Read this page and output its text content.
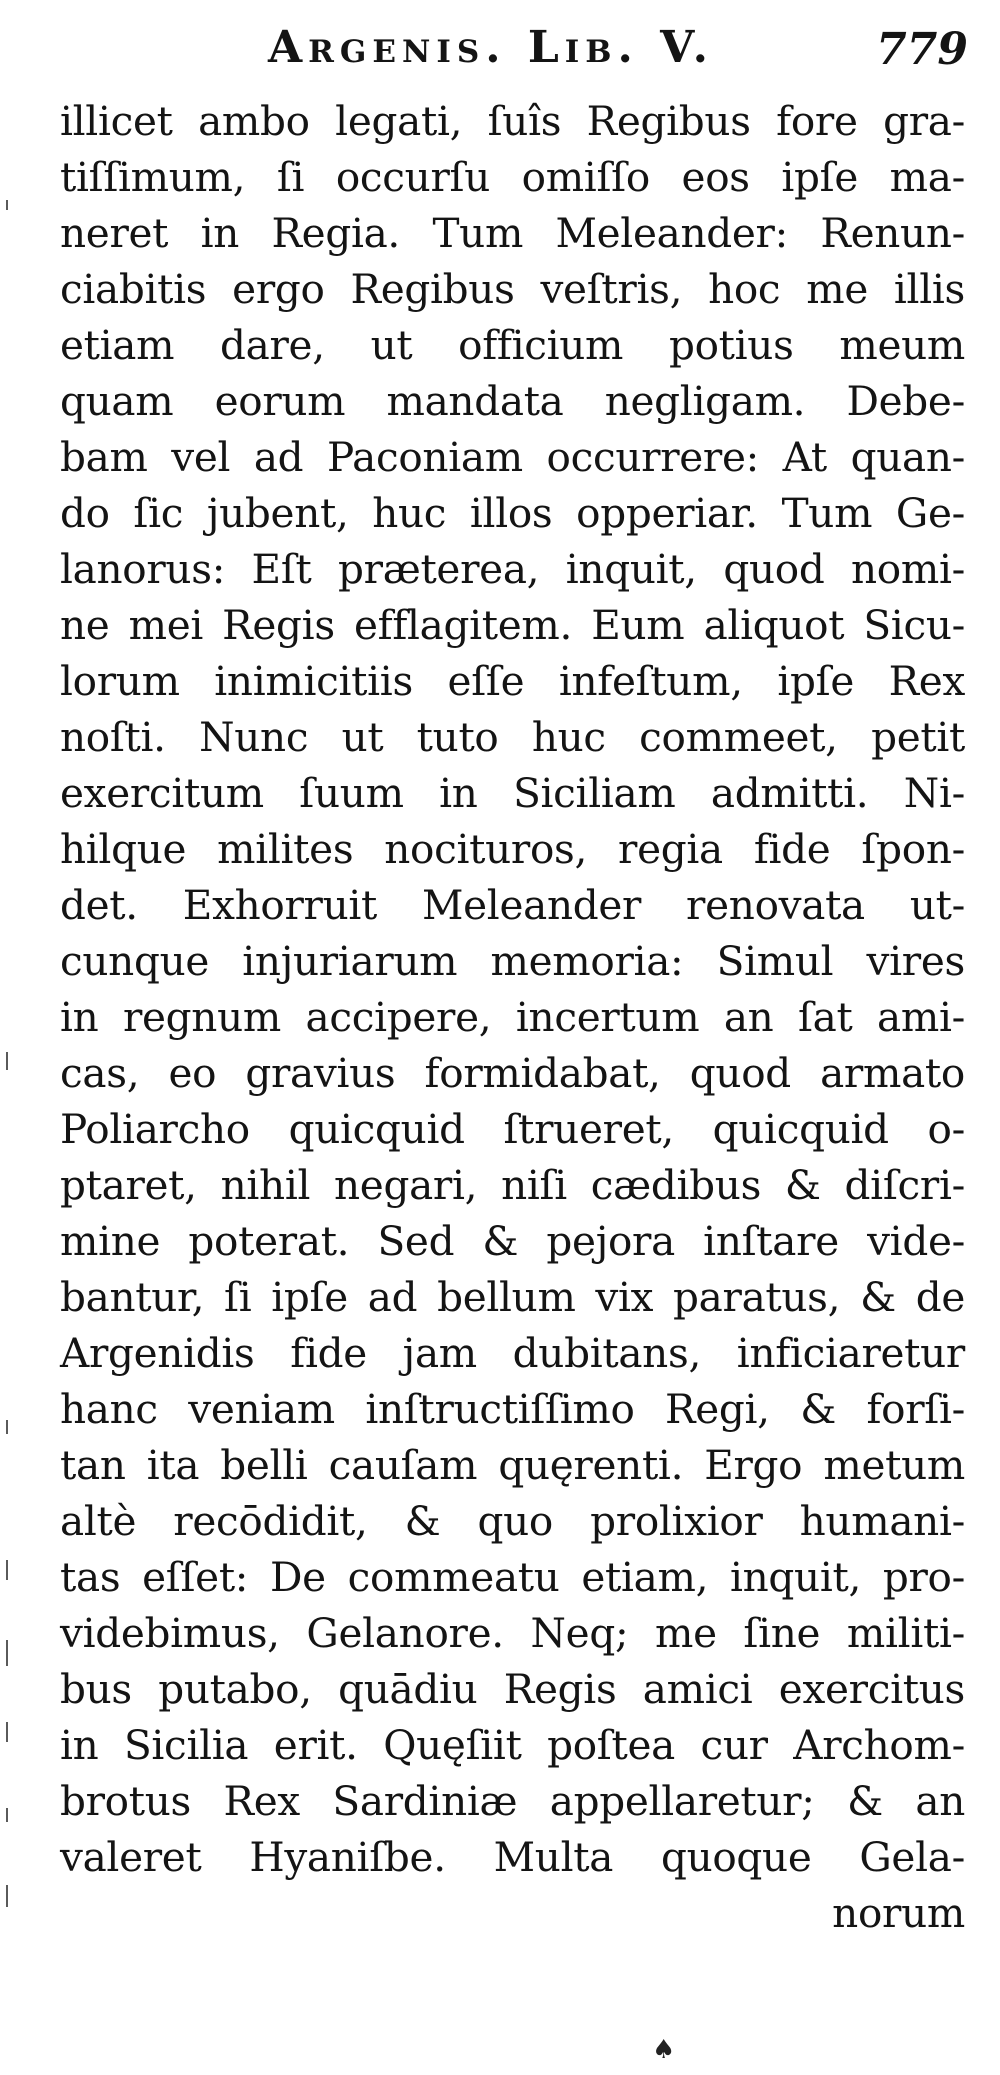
Argenis. Lib. V.	779
illicet ambo legati, ſuîs Regibus fore gra-
tiſſimum, ſi occurſu omiſſo eos ipſe ma-
neret in Regia. Tum Meleander: Renun-
ciabitis ergo Regibus veſtris, hoc me illis
etiam dare, ut officium potius meum
quam eorum mandata negligam. Debe-
bam vel ad Paconiam occurrere: At quan-
do ſic jubent, huc illos opperiar. Tum Ge-
lanorus: Eſt præterea, inquit, quod nomi-
ne mei Regis efflagitem. Eum aliquot Sicu-
lorum inimicitiis eſſe infeſtum, ipſe Rex
noſti. Nunc ut tuto huc commeet, petit
exercitum ſuum in Siciliam admitti. Ni-
hilque milites nocituros, regia fide ſpon-
det. Exhorruit Meleander renovata ut-
cunque injuriarum memoria: Simul vires
in regnum accipere, incertum an ſat ami-
cas, eo gravius formidabat, quod armato
Poliarcho quicquid ſtrueret, quicquid o-
ptaret, nihil negari, niſi cædibus & diſcri-
mine poterat. Sed & pejora inſtare vide-
bantur, ſi ipſe ad bellum vix paratus, & de
Argenidis fide jam dubitans, inficiaretur
hanc veniam inſtructiſſimo Regi, & forſi-
tan ita belli cauſam quęrenti. Ergo metum
altè recōdidit, & quo prolixior humani-
tas eſſet: De commeatu etiam, inquit, pro-
videbimus, Gelanore. Neq; me ſine militi-
bus putabo, quādiu Regis amici exercitus
in Sicilia erit. Quęſiit poſtea cur Archom-
brotus Rex Sardiniæ appellaretur; & an
valeret Hyaniſbe. Multa quoque Gela-
norum
♠
